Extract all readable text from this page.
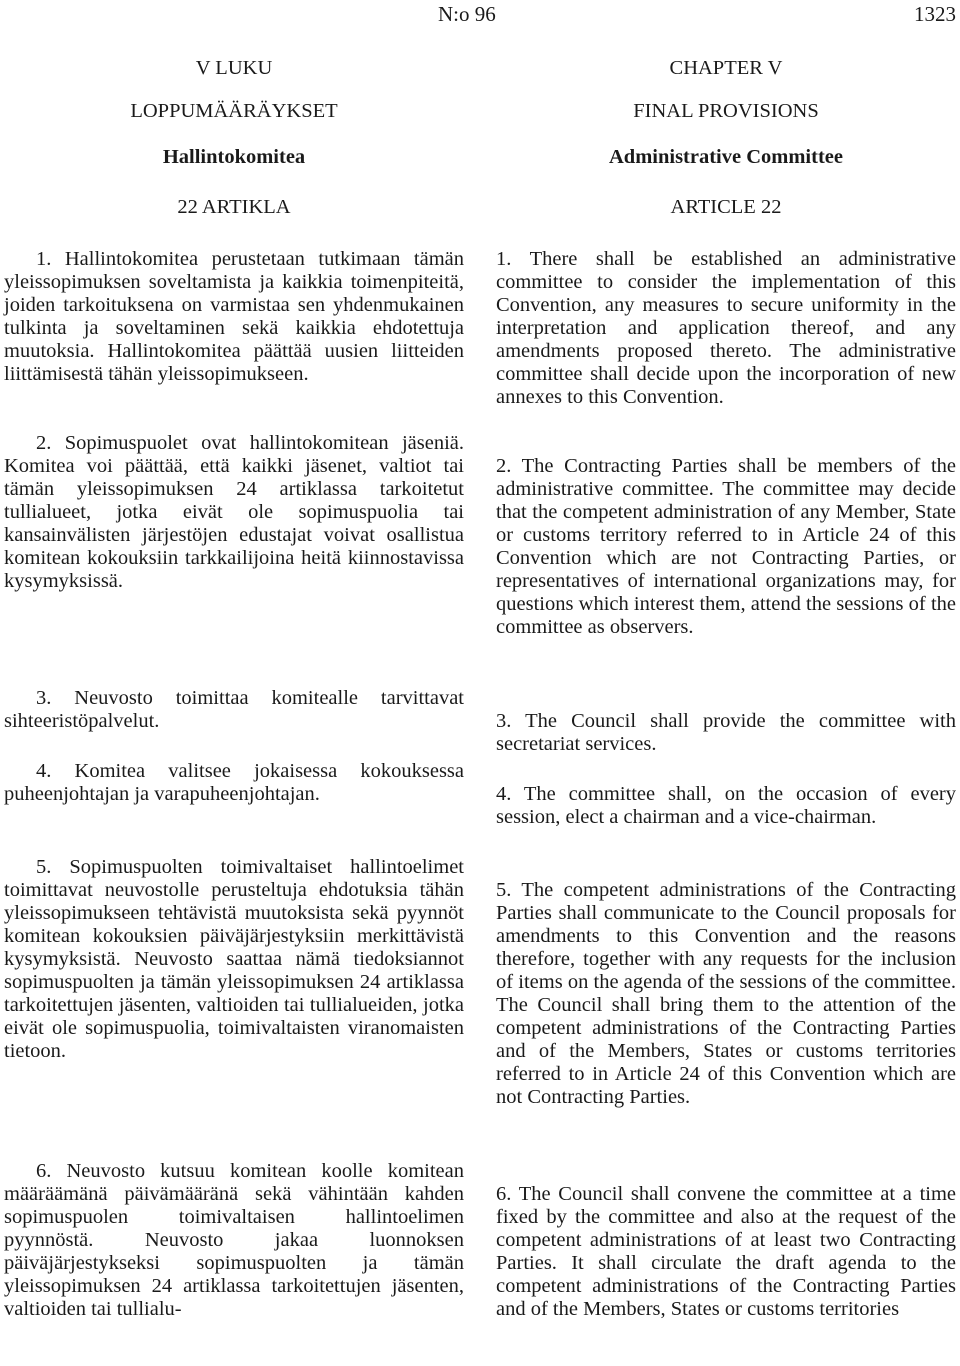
N:o 96	1323

V LUKU

LOPPUMÄÄRÄYKSET

Hallintokomitea

22 ARTIKLA

1. Hallintokomitea perustetaan tutkimaan tämän yleissopimuksen soveltamista ja kaikkia toimenpiteitä, joiden tarkoituksena on varmistaa sen yhdenmukainen tulkinta ja soveltaminen sekä kaikkia ehdotettuja muutoksia. Hallintokomitea päättää uusien liitteiden liittämisestä tähän yleissopimukseen.

2. Sopimuspuolet ovat hallintokomitean jäseniä. Komitea voi päättää, että kaikki jäsenet, valtiot tai tämän yleissopimuksen 24 artiklassa tarkoitetut tullialueet, jotka eivät ole sopimuspuolia tai kansainvälisten järjestöjen edustajat voivat osallistua komitean kokouksiin tarkkailijoina heitä kiinnostavissa kysymyksissä.

3. Neuvosto toimittaa komitealle tarvittavat sihteeristöpalvelut.

4. Komitea valitsee jokaisessa kokouksessa puheenjohtajan ja varapuheenjohtajan.

5. Sopimuspuolten toimivaltaiset hallintoelimet toimittavat neuvostolle perusteltuja ehdotuksia tähän yleissopimukseen tehtävistä muutoksista sekä pyynnöt komitean kokouksien päiväjärjestyksiin merkittävistä kysymyksistä. Neuvosto saattaa nämä tiedoksiannot sopimuspuolten ja tämän yleissopimuksen 24 artiklassa tarkoitettujen jäsenten, valtioiden tai tullialueiden, jotka eivät ole sopimuspuolia, toimivaltaisten viranomaisten tietoon.

6. Neuvosto kutsuu komitean koolle komitean määräämänä päivämääränä sekä vähintään kahden sopimuspuolen toimivaltaisen hallintoelimen pyynnöstä. Neuvosto jakaa luonnoksen päiväjärjestykseksi sopimuspuolten ja tämän yleissopimuksen 24 artiklassa tarkoitettujen jäsenten, valtioiden tai tullialu-

CHAPTER V

FINAL PROVISIONS

Administrative Committee

ARTICLE 22

1. There shall be established an administrative committee to consider the implementation of this Convention, any measures to secure uniformity in the interpretation and application thereof, and any amendments proposed thereto. The administrative committee shall decide upon the incorporation of new annexes to this Convention.

2. The Contracting Parties shall be members of the administrative committee. The committee may decide that the competent administration of any Member, State or customs territory referred to in Article 24 of this Convention which are not Contracting Parties, or representatives of international organizations may, for questions which interest them, attend the sessions of the committee as observers.

3. The Council shall provide the committee with secretariat services.

4. The committee shall, on the occasion of every session, elect a chairman and a vice-chairman.

5. The competent administrations of the Contracting Parties shall communicate to the Council proposals for amendments to this Convention and the reasons therefore, together with any requests for the inclusion of items on the agenda of the sessions of the committee. The Council shall bring them to the attention of the competent administrations of the Contracting Parties and of the Members, States or customs territories referred to in Article 24 of this Convention which are not Contracting Parties.

6. The Council shall convene the committee at a time fixed by the committee and also at the request of the competent administrations of at least two Contracting Parties. It shall circulate the draft agenda to the competent administrations of the Contracting Parties and of the Members, States or customs territories
